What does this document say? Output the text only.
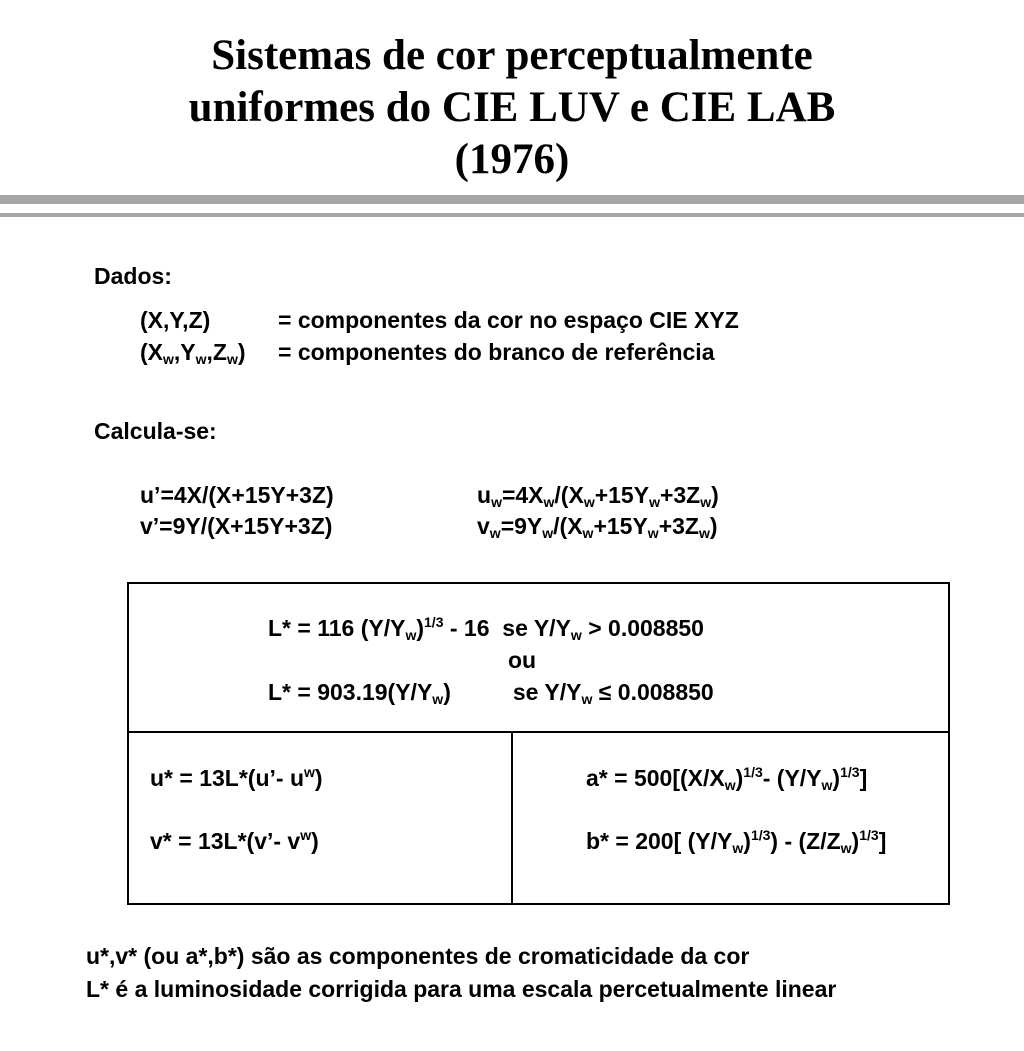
Sistemas de cor perceptualmente
uniformes do CIE LUV e CIE LAB
(1976)
Dados:
(X,Y,Z)	= componentes da cor no espaço CIE XYZ
$(X_w,Y_w,Z_w)$ = componentes do branco de referência
Calcula-se:
u’=4X/(X+15Y+3Z)
v’=9Y/(X+15Y+3Z)
$u_w=4X_w/(X_w+15Y_w+3Z_w)$
$v_w=9Y_w/(X_w+15Y_w+3Z_w)$
L* = 116 $(Y/Y_w)^{1/3} - 16$  se $Y/Y_w > 0.008850$
ou
$L* = 903.19(Y/Y_w)$	se $Y/Y_w \le 0.008850$
u* = 13L*(u’- $u^w$)
v* = 13L*(v’- $v^w$)
$a* = 500[(X/X_w)^{1/3}-$ $(Y/Y_w)^{1/3}$]
b* = 200[ $(Y/Y_w)^{1/3}) - (Z/Z_w)^{1/3}$]
u*,v* (ou a*,b*) são as componentes de cromaticidade da cor
L* é a luminosidade corrigida para uma escala percetualmente linear
